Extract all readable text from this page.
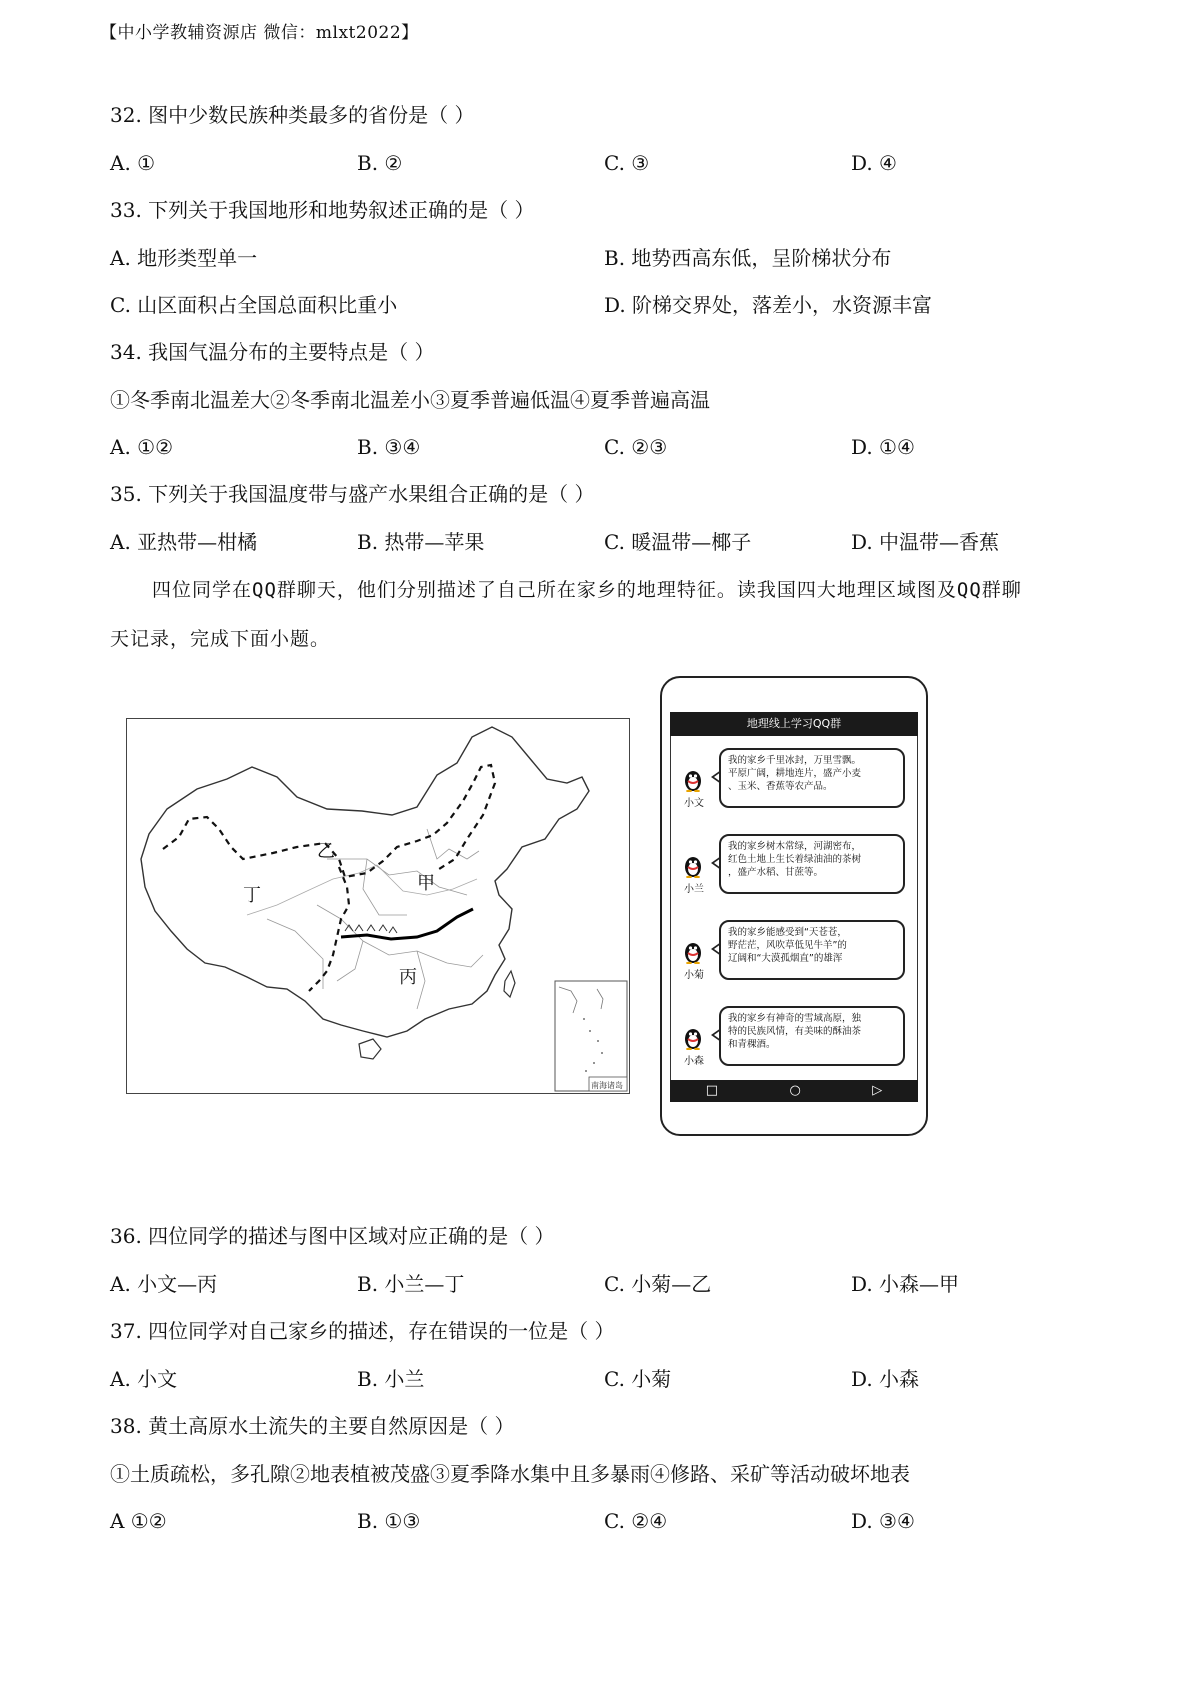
【中小学教辅资源店 微信：mlxt2022】
32. 图中少数民族种类最多的省份是（ ）
A. ①	B. ②	C. ③	D. ④
33. 下列关于我国地形和地势叙述正确的是（ ）
A. 地形类型单一	B. 地势西高东低，呈阶梯状分布
C. 山区面积占全国总面积比重小	D. 阶梯交界处，落差小，水资源丰富
34. 我国气温分布的主要特点是（ ）
①冬季南北温差大②冬季南北温差小③夏季普遍低温④夏季普遍高温
A. ①②	B. ③④	C. ②③	D. ①④
35. 下列关于我国温度带与盛产水果组合正确的是（ ）
A. 亚热带—柑橘	B. 热带—苹果	C. 暖温带—椰子	D. 中温带—香蕉
四位同学在QQ群聊天，他们分别描述了自己所在家乡的地理特征。读我国四大地理区域图及QQ群聊
天记录，完成下面小题。
乙
甲
丁
丙
南海诸岛
地理线上学习QQ群
小文
我的家乡千里冰封，万里雪飘。
平原广阔，耕地连片，盛产小麦
、玉米、香蕉等农产品。
小兰
我的家乡树木常绿，河湖密布，
红色土地上生长着绿油油的茶树
，盛产水稻、甘蔗等。
小菊
我的家乡能感受到“天苍苍，
野茫茫，风吹草低见牛羊”的
辽阔和“大漠孤烟直”的雄浑
小森
我的家乡有神奇的雪域高原，独
特的民族风情，有美味的酥油茶
和青稞酒。
□	○	▷
36. 四位同学的描述与图中区域对应正确的是（ ）
A. 小文—丙	B. 小兰—丁	C. 小菊—乙	D. 小森—甲
37. 四位同学对自己家乡的描述，存在错误的一位是（ ）
A. 小文	B. 小兰	C. 小菊	D. 小森
38. 黄土高原水土流失的主要自然原因是（ ）
①土质疏松，多孔隙②地表植被茂盛③夏季降水集中且多暴雨④修路、采矿等活动破坏地表
A ①②	B. ①③	C. ②④	D. ③④
